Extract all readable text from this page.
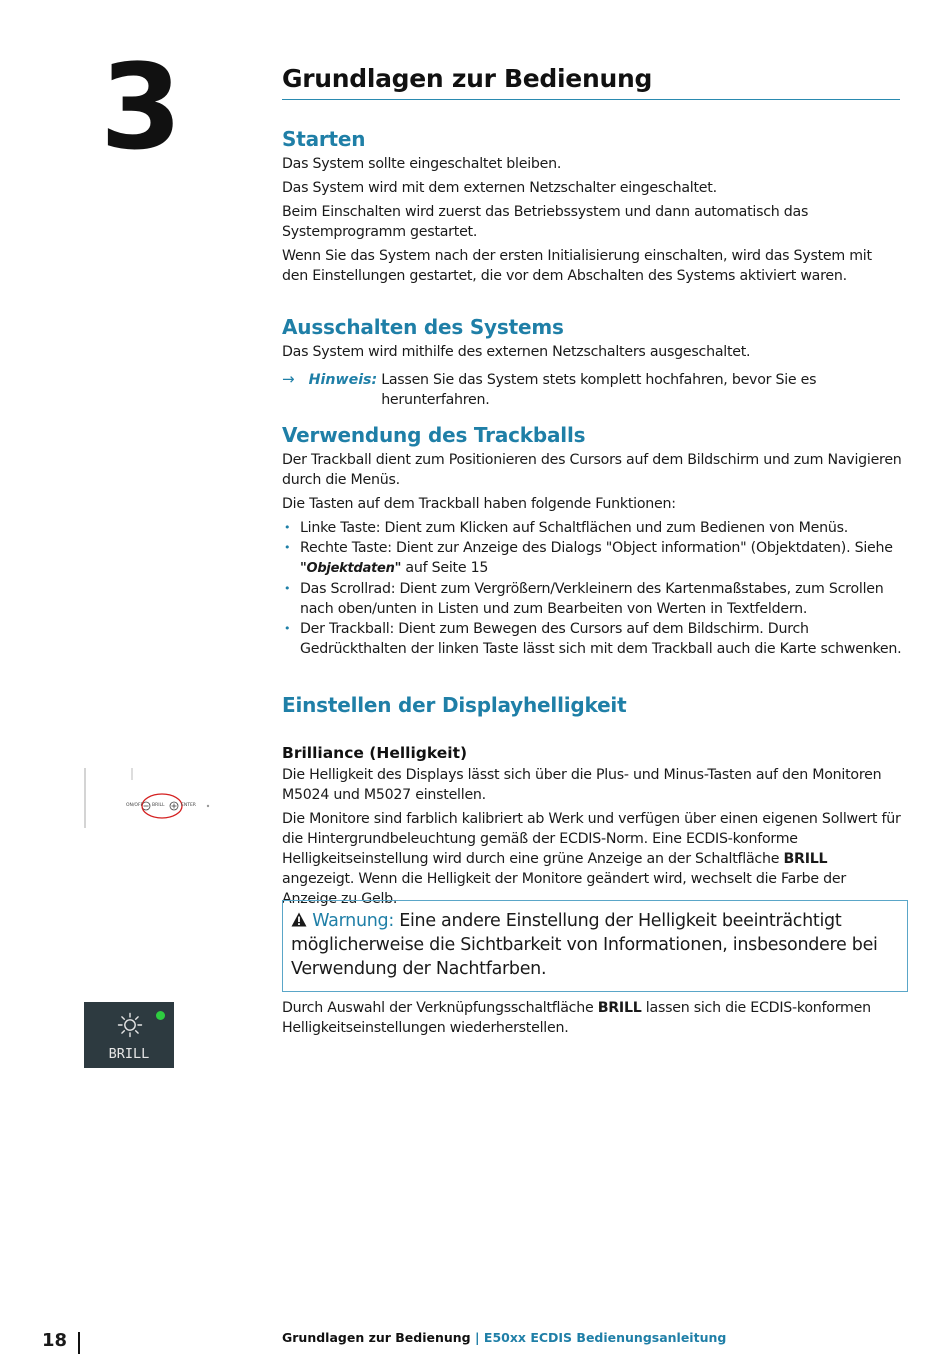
3	Grundlagen zur Bedienung
Starten

Das System sollte eingeschaltet bleiben.

Das System wird mit dem externen Netzschalter eingeschaltet.

Beim Einschalten wird zuerst das Betriebssystem und dann automatisch das Systemprogramm gestartet.

Wenn Sie das System nach der ersten Initialisierung einschalten, wird das System mit den Einstellungen gestartet, die vor dem Abschalten des Systems aktiviert waren.

Ausschalten des Systems

Das System wird mithilfe des externen Netzschalters ausgeschaltet.

→ Hinweis: Lassen Sie das System stets komplett hochfahren, bevor Sie es herunterfahren.

Verwendung des Trackballs

Der Trackball dient zum Positionieren des Cursors auf dem Bildschirm und zum Navigieren durch die Menüs.

Die Tasten auf dem Trackball haben folgende Funktionen:

• Linke Taste: Dient zum Klicken auf Schaltflächen und zum Bedienen von Menüs.
• Rechte Taste: Dient zur Anzeige des Dialogs "Object information" (Objektdaten). Siehe
"Objektdaten" auf Seite 15
• Das Scrollrad: Dient zum Vergrößern/Verkleinern des Kartenmaßstabes, zum Scrollen nach oben/unten in Listen und zum Bearbeiten von Werten in Textfeldern.
• Der Trackball: Dient zum Bewegen des Cursors auf dem Bildschirm. Durch Gedrückthalten der linken Taste lässt sich mit dem Trackball auch die Karte schwenken.
Einstellen der Displayhelligkeit
Brilliance (Helligkeit)

Die Helligkeit des Displays lässt sich über die Plus- und Minus-Tasten auf den Monitoren M5024 und M5027 einstellen.

Die Monitore sind farblich kalibriert ab Werk und verfügen über einen eigenen Sollwert für die Hintergrundbeleuchtung gemäß der ECDIS-Norm. Eine ECDIS-konforme Helligkeitseinstellung wird durch eine grüne Anzeige an der Schaltfläche BRILL angezeigt. Wenn die Helligkeit der Monitore geändert wird, wechselt die Farbe der Anzeige zu Gelb.

Warnung: Eine andere Einstellung der Helligkeit beeinträchtigt möglicherweise die Sichtbarkeit von Informationen, insbesondere bei Verwendung der Nachtfarben.

Durch Auswahl der Verknüpfungsschaltfläche BRILL lassen sich die ECDIS-konformen Helligkeitseinstellungen wiederherstellen.

ON/OFF BRILL	ENTER
BRILL
18	Grundlagen zur Bedienung | E50xx ECDIS Bedienungsanleitung
